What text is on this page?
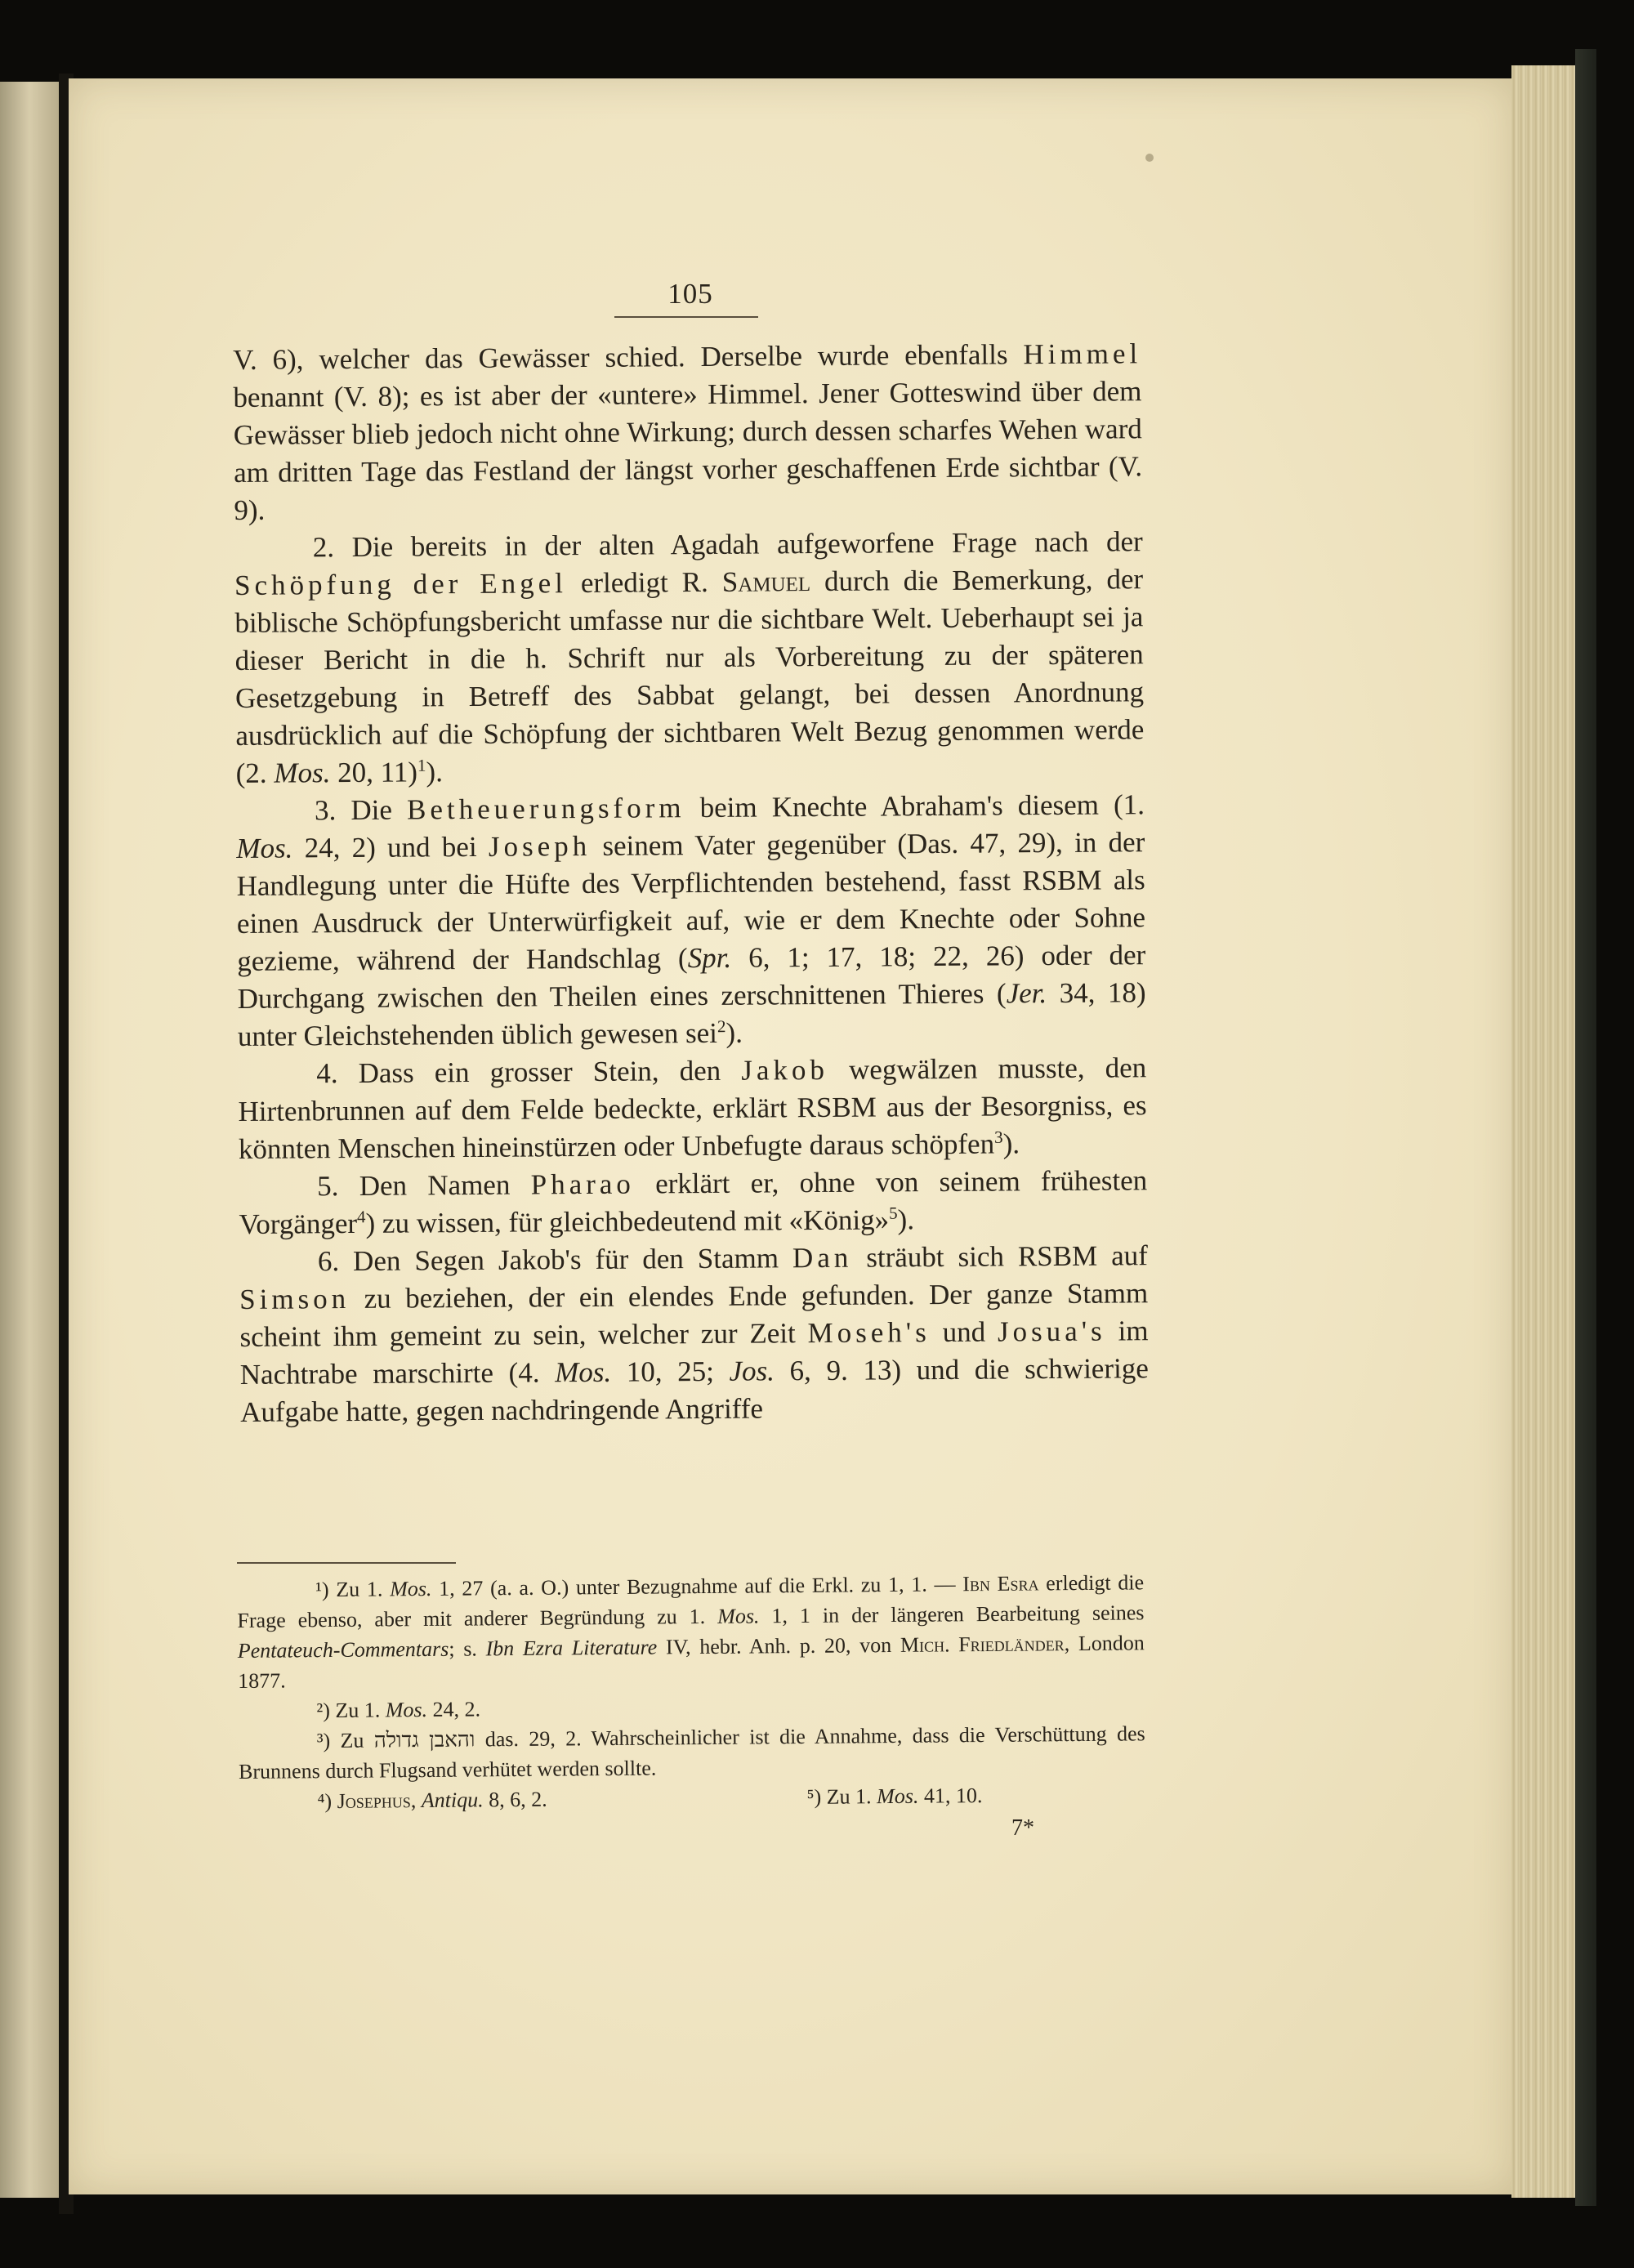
105

V. 6), welcher das Gewässer schied. Derselbe wurde ebenfalls Himmel benannt (V. 8); es ist aber der «untere» Himmel. Jener Gotteswind über dem Gewässer blieb jedoch nicht ohne Wirkung; durch dessen scharfes Wehen ward am dritten Tage das Festland der längst vorher geschaffenen Erde sichtbar (V. 9).

2. Die bereits in der alten Agadah aufgeworfene Frage nach der Schöpfung der Engel erledigt R. Samuel durch die Bemerkung, der biblische Schöpfungsbericht umfasse nur die sichtbare Welt. Ueberhaupt sei ja dieser Bericht in die h. Schrift nur als Vorbereitung zu der späteren Gesetzgebung in Betreff des Sabbat gelangt, bei dessen Anordnung ausdrücklich auf die Schöpfung der sichtbaren Welt Bezug genommen werde (2. Mos. 20, 11)$^1$).

3. Die Betheuerungsform beim Knechte Abraham's diesem (1. Mos. 24, 2) und bei Joseph seinem Vater gegenüber (Das. 47, 29), in der Handlegung unter die Hüfte des Verpflichtenden bestehend, fasst RSBM als einen Ausdruck der Unterwürfigkeit auf, wie er dem Knechte oder Sohne gezieme, während der Handschlag (Spr. 6, 1; 17, 18; 22, 26) oder der Durchgang zwischen den Theilen eines zerschnittenen Thieres (Jer. 34, 18) unter Gleichstehenden üblich gewesen sei$^2$).

4. Dass ein grosser Stein, den Jakob wegwälzen musste, den Hirtenbrunnen auf dem Felde bedeckte, erklärt RSBM aus der Besorgniss, es könnten Menschen hineinstürzen oder Unbefugte daraus schöpfen$^3$).

5. Den Namen Pharao erklärt er, ohne von seinem frühesten Vorgänger$^4$) zu wissen, für gleichbedeutend mit «König»$^5$).

6. Den Segen Jakob's für den Stamm Dan sträubt sich RSBM auf Simson zu beziehen, der ein elendes Ende gefunden. Der ganze Stamm scheint ihm gemeint zu sein, welcher zur Zeit Moseh's und Josua's im Nachtrabe marschirte (4. Mos. 10, 25; Jos. 6, 9. 13) und die schwierige Aufgabe hatte, gegen nachdringende Angriffe

¹) Zu 1. Mos. 1, 27 (a. a. O.) unter Bezugnahme auf die Erkl. zu 1, 1. — Ibn Esra erledigt die Frage ebenso, aber mit anderer Begründung zu 1. Mos. 1, 1 in der längeren Bearbeitung seines Pentateuch-Commentars; s. Ibn Ezra Literature IV, hebr. Anh. p. 20, von Mich. Friedländer, London 1877.

²) Zu 1. Mos. 24, 2.

³) Zu והאבן גדולה das. 29, 2. Wahrscheinlicher ist die Annahme, dass die Verschüttung des Brunnens durch Flugsand verhütet werden sollte.

⁴) Josephus, Antiqu. 8, 6, 2.	⁵) Zu 1. Mos. 41, 10.
7*
